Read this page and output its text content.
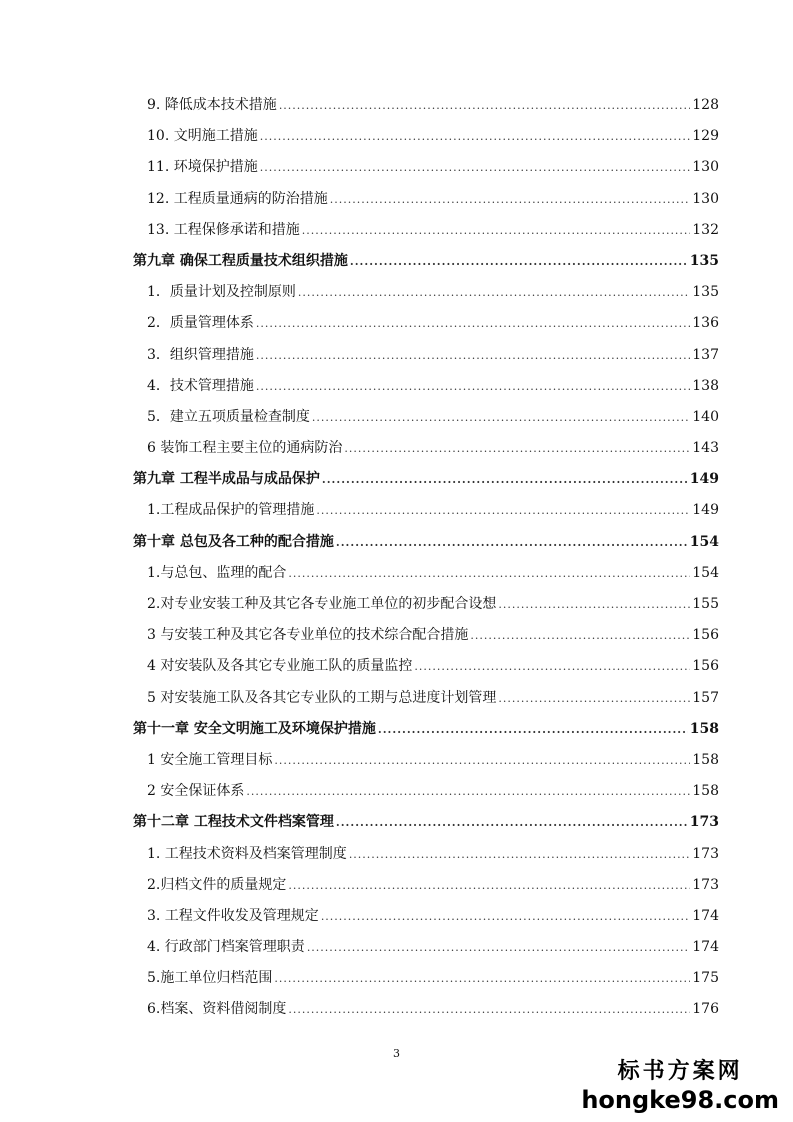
9. 降低成本技术措施 .....	128
10. 文明施工措施 .....	129
11. 环境保护措施 .....	130
12. 工程质量通病的防治措施 .....	130
13. 工程保修承诺和措施 .....	132
第九章 确保工程质量技术组织措施 .....	135
1．质量计划及控制原则 .....	135
2．质量管理体系 .....	136
3．组织管理措施 .....	137
4．技术管理措施 .....	138
5．建立五项质量检查制度 .....	140
6 装饰工程主要主位的通病防治 .....	143
第九章 工程半成品与成品保护 .....	149
1.工程成品保护的管理措施 .....	149
第十章 总包及各工种的配合措施 .....	154
1.与总包、监理的配合 .....	154
2.对专业安装工种及其它各专业施工单位的初步配合设想 .....	155
3 与安装工种及其它各专业单位的技术综合配合措施 .....	156
4 对安装队及各其它专业施工队的质量监控 .....	156
5 对安装施工队及各其它专业队的工期与总进度计划管理 .....	157
第十一章 安全文明施工及环境保护措施 .....	158
1 安全施工管理目标 .....	158
2 安全保证体系 .....	158
第十二章 工程技术文件档案管理 .....	173
1. 工程技术资料及档案管理制度 .....	173
2.归档文件的质量规定 .....	173
3. 工程文件收发及管理规定 .....	174
4. 行政部门档案管理职责 .....	174
5.施工单位归档范围 .....	175
6.档案、资料借阅制度 .....	176
3
标书方案网
hongke98.com
